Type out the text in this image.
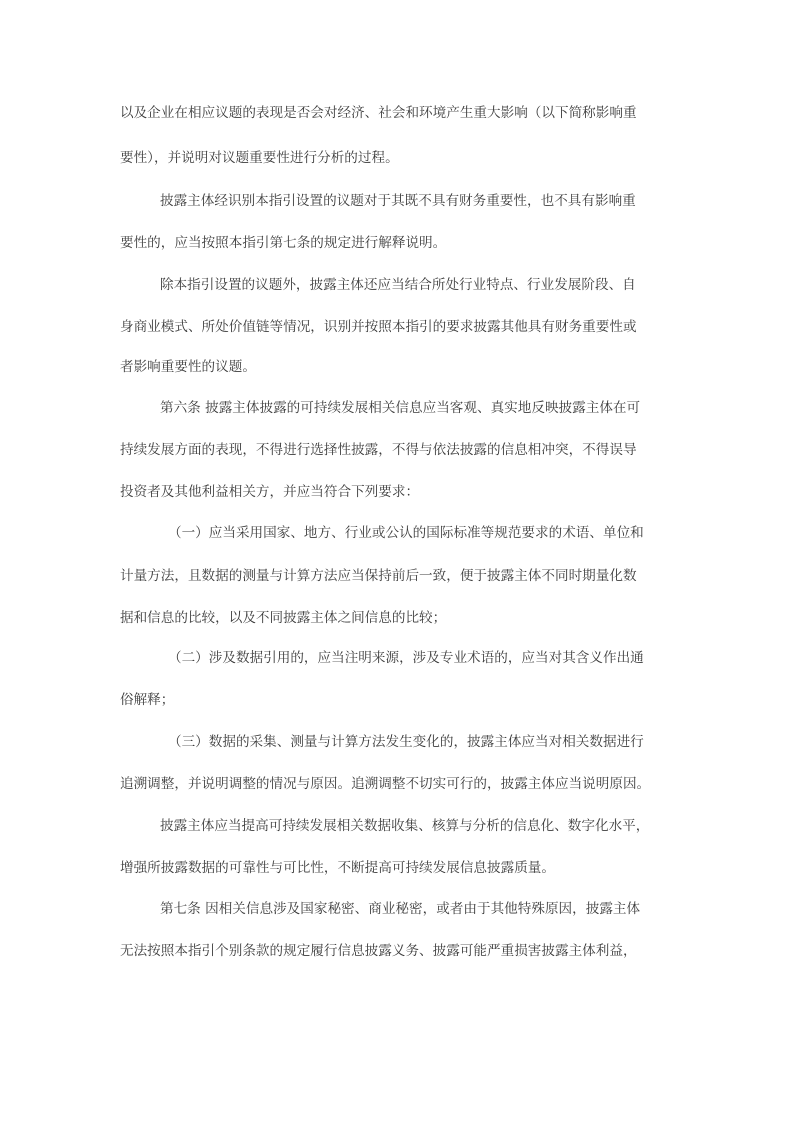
以及企业在相应议题的表现是否会对经济、社会和环境产生重大影响（以下简称影响重
要性），并说明对议题重要性进行分析的过程。
披露主体经识别本指引设置的议题对于其既不具有财务重要性，也不具有影响重
要性的，应当按照本指引第七条的规定进行解释说明。
除本指引设置的议题外，披露主体还应当结合所处行业特点、行业发展阶段、自
身商业模式、所处价值链等情况，识别并按照本指引的要求披露其他具有财务重要性或
者影响重要性的议题。
第六条 披露主体披露的可持续发展相关信息应当客观、真实地反映披露主体在可
持续发展方面的表现，不得进行选择性披露，不得与依法披露的信息相冲突，不得误导
投资者及其他利益相关方，并应当符合下列要求：
（一）应当采用国家、地方、行业或公认的国际标准等规范要求的术语、单位和
计量方法，且数据的测量与计算方法应当保持前后一致，便于披露主体不同时期量化数
据和信息的比较，以及不同披露主体之间信息的比较；
（二）涉及数据引用的，应当注明来源，涉及专业术语的，应当对其含义作出通
俗解释；
（三）数据的采集、测量与计算方法发生变化的，披露主体应当对相关数据进行
追溯调整，并说明调整的情况与原因。追溯调整不切实可行的，披露主体应当说明原因。
披露主体应当提高可持续发展相关数据收集、核算与分析的信息化、数字化水平，
增强所披露数据的可靠性与可比性，不断提高可持续发展信息披露质量。
第七条 因相关信息涉及国家秘密、商业秘密，或者由于其他特殊原因，披露主体
无法按照本指引个别条款的规定履行信息披露义务、披露可能严重损害披露主体利益，
